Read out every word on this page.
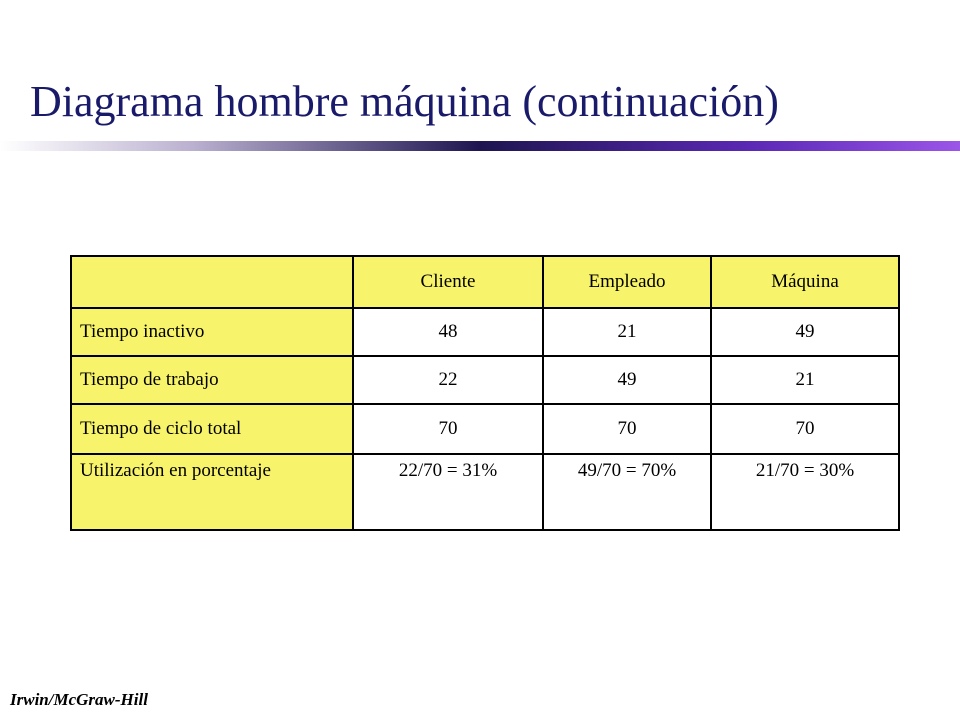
Diagrama hombre máquina (continuación)
	Cliente	Empleado	Máquina
Tiempo inactivo	48	21	49
Tiempo de trabajo	22	49	21
Tiempo de ciclo total	70	70	70
Utilización en porcentaje	22/70 = 31%	49/70 = 70%	21/70 = 30%
Irwin/McGraw-Hill
